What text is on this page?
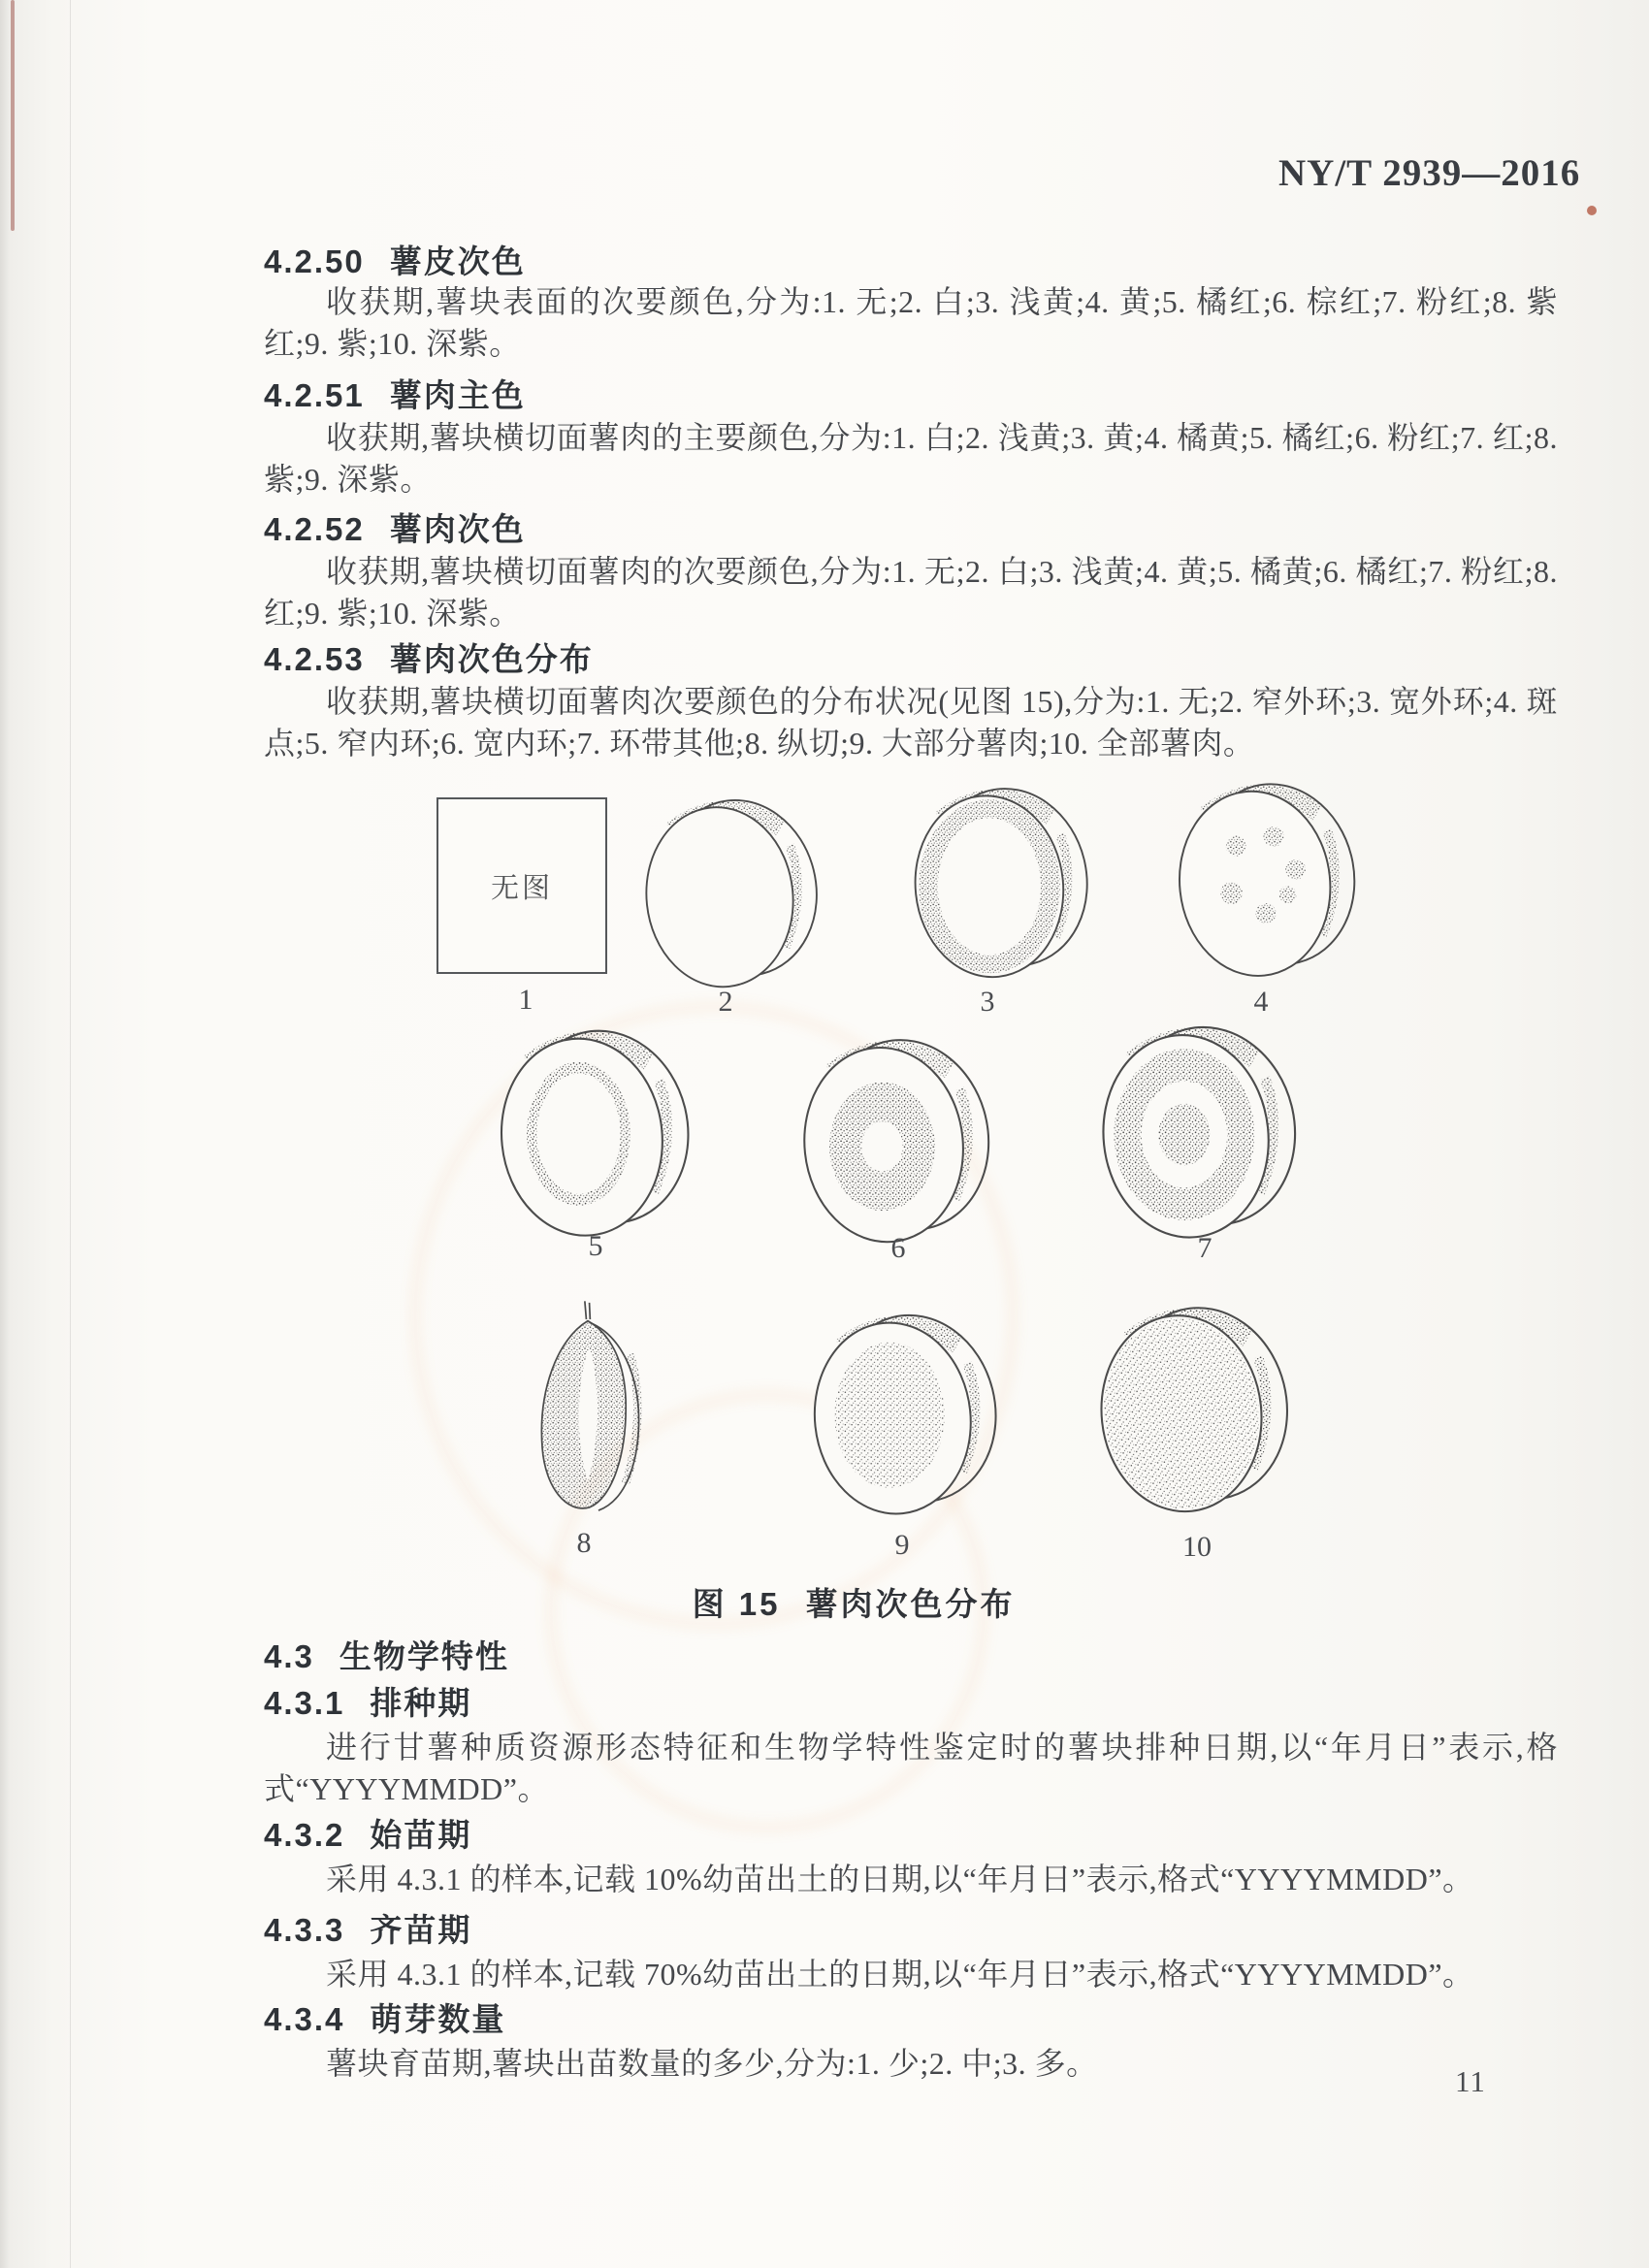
NY/T 2939—2016
4.2.50 薯皮次色
收获期,薯块表面的次要颜色,分为:1. 无;2. 白;3. 浅黄;4. 黄;5. 橘红;6. 棕红;7. 粉红;8. 紫红;9. 紫;10. 深紫。
4.2.51 薯肉主色
收获期,薯块横切面薯肉的主要颜色,分为:1. 白;2. 浅黄;3. 黄;4. 橘黄;5. 橘红;6. 粉红;7. 红;8. 紫;9. 深紫。
4.2.52 薯肉次色
收获期,薯块横切面薯肉的次要颜色,分为:1. 无;2. 白;3. 浅黄;4. 黄;5. 橘黄;6. 橘红;7. 粉红;8. 红;9. 紫;10. 深紫。
4.2.53 薯肉次色分布
收获期,薯块横切面薯肉次要颜色的分布状况(见图 15),分为:1. 无;2. 窄外环;3. 宽外环;4. 斑点;5. 窄内环;6. 宽内环;7. 环带其他;8. 纵切;9. 大部分薯肉;10. 全部薯肉。
无图
1	2	3	4
5	6	7
8	9	10
图 15 薯肉次色分布
4.3 生物学特性
4.3.1 排种期
进行甘薯种质资源形态特征和生物学特性鉴定时的薯块排种日期,以“年月日”表示,格式“YYYYMMDD”。
4.3.2 始苗期
采用 4.3.1 的样本,记载 10%幼苗出土的日期,以“年月日”表示,格式“YYYYMMDD”。
4.3.3 齐苗期
采用 4.3.1 的样本,记载 70%幼苗出土的日期,以“年月日”表示,格式“YYYYMMDD”。
4.3.4 萌芽数量
薯块育苗期,薯块出苗数量的多少,分为:1. 少;2. 中;3. 多。
11
